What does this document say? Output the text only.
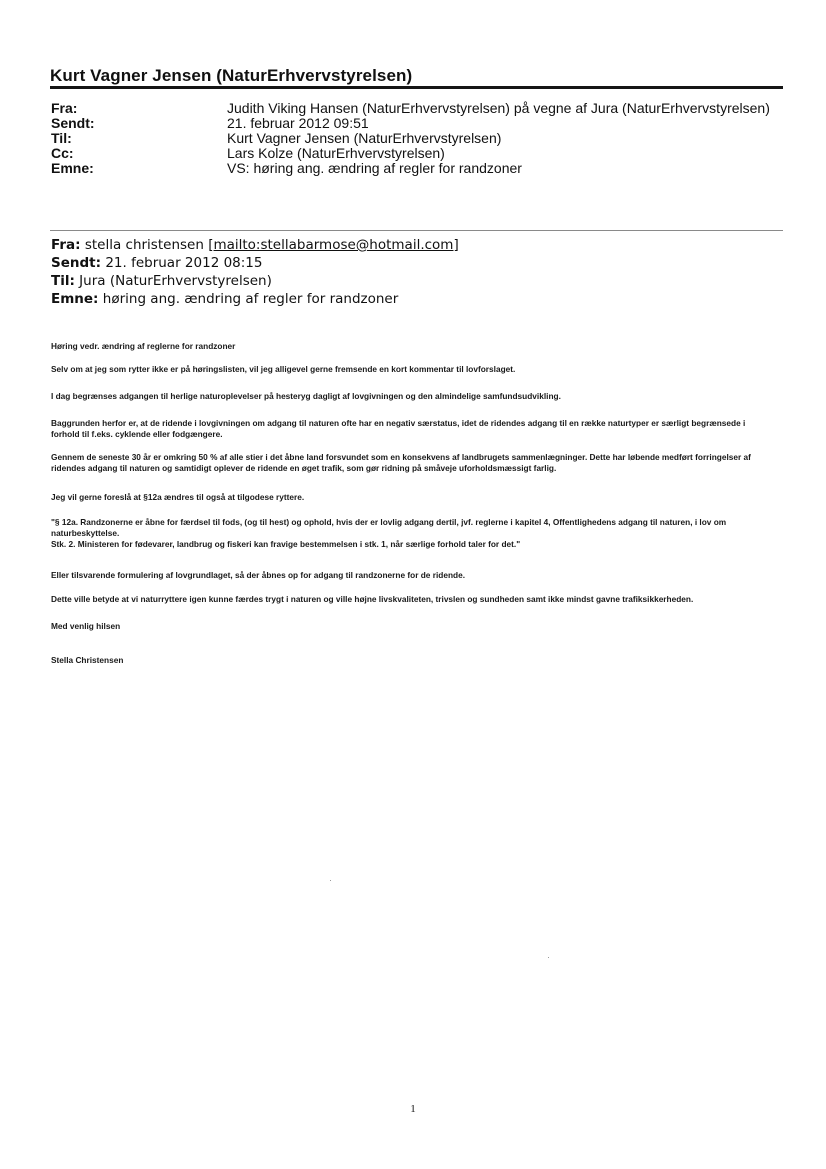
Kurt Vagner Jensen (NaturErhvervstyrelsen)
Fra:	Judith Viking Hansen (NaturErhvervstyrelsen) på vegne af Jura (NaturErhvervstyrelsen)
Sendt:	21. februar 2012 09:51
Til:	Kurt Vagner Jensen (NaturErhvervstyrelsen)
Cc:	Lars Kolze (NaturErhvervstyrelsen)
Emne:	VS: høring ang. ændring af regler for randzoner
Fra: stella christensen [mailto:stellabarmose@hotmail.com]
Sendt: 21. februar 2012 08:15
Til: Jura (NaturErhvervstyrelsen)
Emne: høring ang. ændring af regler for randzoner

Høring vedr. ændring af reglerne for randzoner

Selv om at jeg som rytter ikke er på høringslisten, vil jeg alligevel gerne fremsende en kort kommentar til lovforslaget.

I dag begrænses adgangen til herlige naturoplevelser på hesteryg dagligt af lovgivningen og den almindelige samfundsudvikling.

Baggrunden herfor er, at de ridende i lovgivningen om adgang til naturen ofte har en negativ særstatus, idet de ridendes adgang til en række naturtyper er særligt begrænsede i forhold til f.eks. cyklende eller fodgængere.

Gennem de seneste 30 år er omkring 50 % af alle stier i det åbne land forsvundet som en konsekvens af landbrugets sammenlægninger. Dette har løbende medført forringelser af ridendes adgang til naturen og samtidigt oplever de ridende en øget trafik, som gør ridning på småveje uforholdsmæssigt farlig.

Jeg vil gerne foreslå at §12a ændres til også at tilgodese ryttere.

"§ 12a. Randzonerne er åbne for færdsel til fods, (og til hest) og ophold, hvis der er lovlig adgang dertil, jvf. reglerne i kapitel 4, Offentlighedens adgang til naturen, i lov om naturbeskyttelse.

Stk. 2. Ministeren for fødevarer, landbrug og fiskeri kan fravige bestemmelsen i stk. 1, når særlige forhold taler for det."

Eller tilsvarende formulering af lovgrundlaget, så der åbnes op for adgang til randzonerne for de ridende.

Dette ville betyde at vi naturryttere igen kunne færdes trygt i naturen og ville højne livskvaliteten, trivslen og sundheden samt ikke mindst gavne trafiksikkerheden.

Med venlig hilsen

Stella Christensen

1
